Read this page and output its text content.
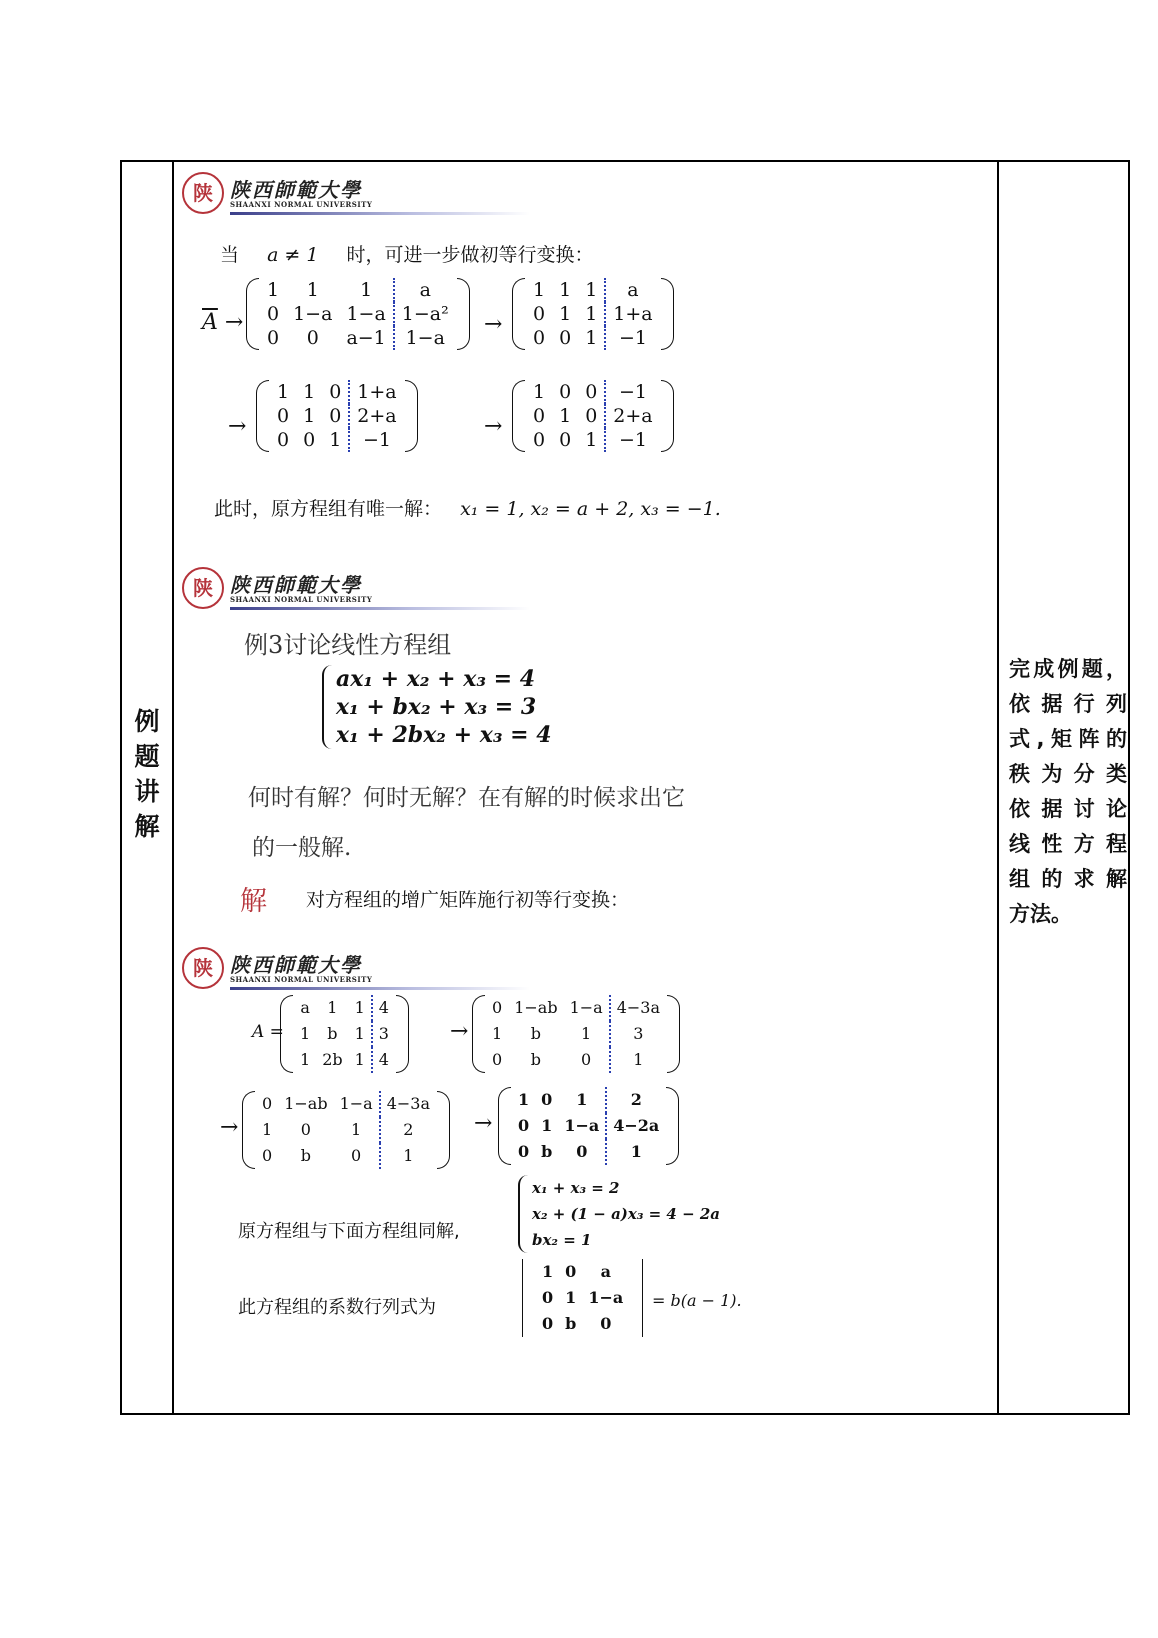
例
题
讲
解
陕 陕西師範大學
SHAANXI NORMAL UNIVERSITY
当 a ≠ 1 时，可进一步做初等行变换：
$\overline{A}$ →
1	1	1	a
0	1−a	1−a	1−a²
0	0	a−1	1−a
→
1	1	1	a
0	1	1	1+a
0	0	1	−1
→
1	1	0	1+a
0	1	0	2+a
0	0	1	−1
→
1	0	0	−1
0	1	0	2+a
0	0	1	−1
此时，原方程组有唯一解： x₁ = 1, x₂ = a + 2, x₃ = −1.
陕 陕西師範大學
SHAANXI NORMAL UNIVERSITY
例3讨论线性方程组
ax₁ + x₂ + x₃ = 4
x₁ + bx₂ + x₃ = 3
x₁ + 2bx₂ + x₃ = 4
何时有解？何时无解？在有解的时候求出它
的一般解.
解 对方程组的增广矩阵施行初等行变换：
陕 陕西師範大學
SHAANXI NORMAL UNIVERSITY
A =
a	1	1	4
1	b	1	3
1	2b	1	4
→
0	1−ab	1−a	4−3a
1	b	1	3
0	b	0	1
→
0	1−ab	1−a	4−3a
1	0	1	2
0	b	0	1
→
1	0	1	2
0	1	1−a	4−2a
0	b	0	1
原方程组与下面方程组同解,
x₁ + x₃ = 2
x₂ + (1 − a)x₃ = 4 − 2a
bx₂ = 1
此方程组的系数行列式为
1	0	a
0	1	1−a
0	b	0
= b(a − 1).
完成例题，
依据行列
式,矩阵的
秩为分类
依据讨论
线性方程
组的求解
方法。
